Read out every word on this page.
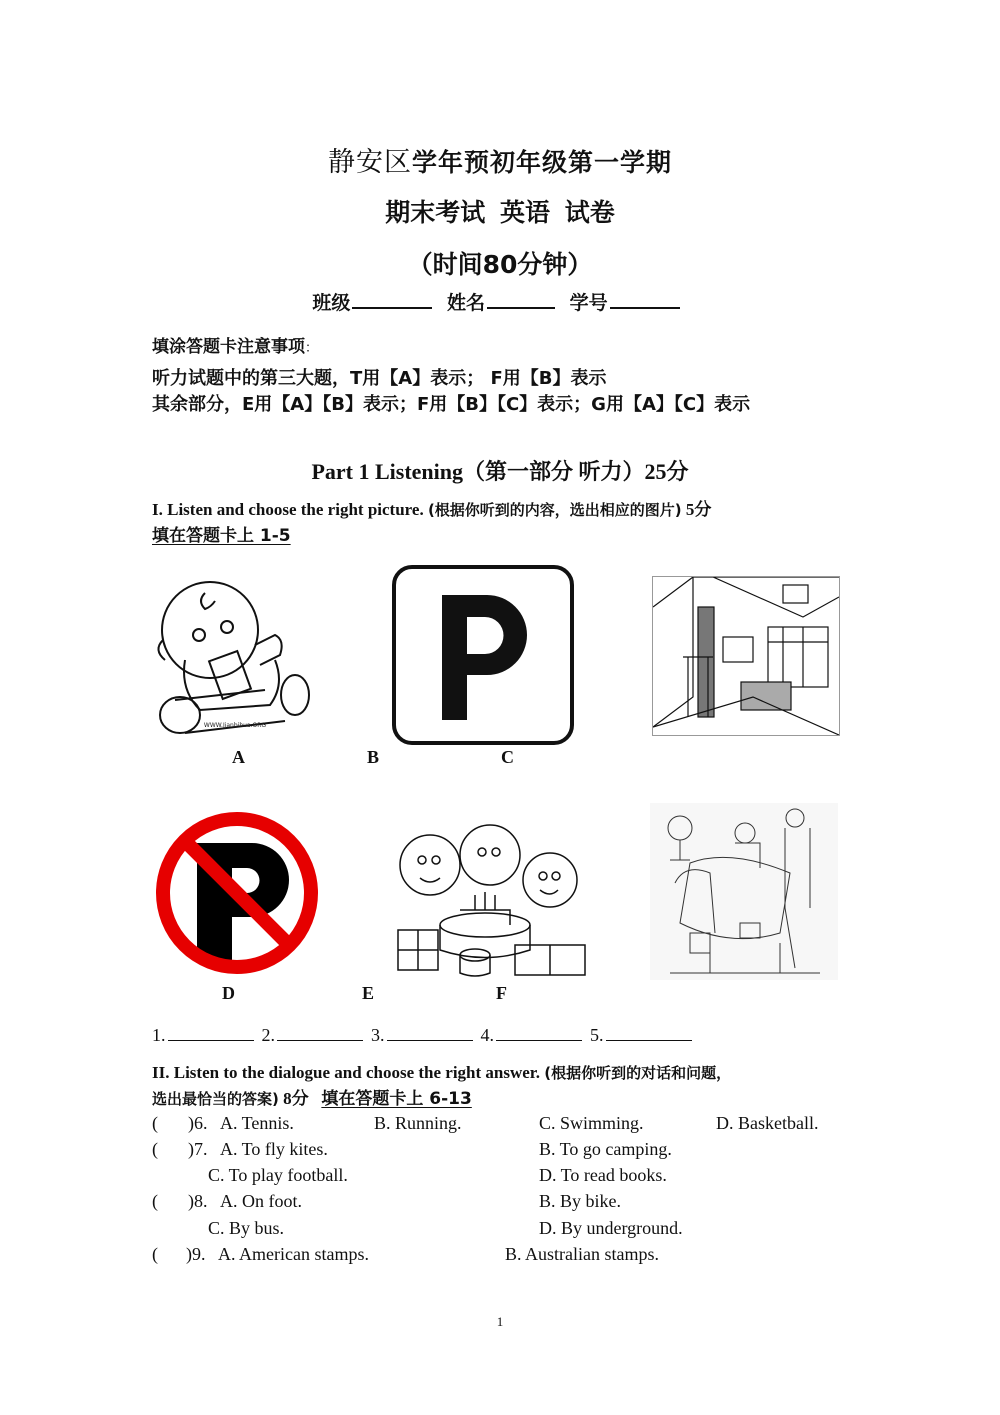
静安区学年预初年级第一学期
期末考试 英语 试卷
（时间80分钟）
班级	姓名	学号
填涂答题卡注意事项：
听力试题中的第三大题，T用【A】表示； F用【B】表示
其余部分，E用【A】【B】表示；F用【B】【C】表示；G用【A】【C】表示
Part 1 Listening（第一部分 听力）25分
I. Listen and choose the right picture. (根据你听到的内容，选出相应的图片) 5分
填在答题卡上 1-5
WWW.Jianbihua.ORG
A	B	C
D	E	F
1.	2.	3.	4.	5.
II. Listen to the dialogue and choose the right answer. (根据你听到的对话和问题，
选出最恰当的答案) 8分 填在答题卡上 6-13
( )6. A. Tennis.	B. Running.	C. Swimming.	D. Basketball.
( )7. A. To fly kites.	B. To go camping.
C. To play football.	D. To read books.
( )8. A. On foot.	B. By bike.
C. By bus.	D. By underground.
( )9. A. American stamps.	B. Australian stamps.
1
